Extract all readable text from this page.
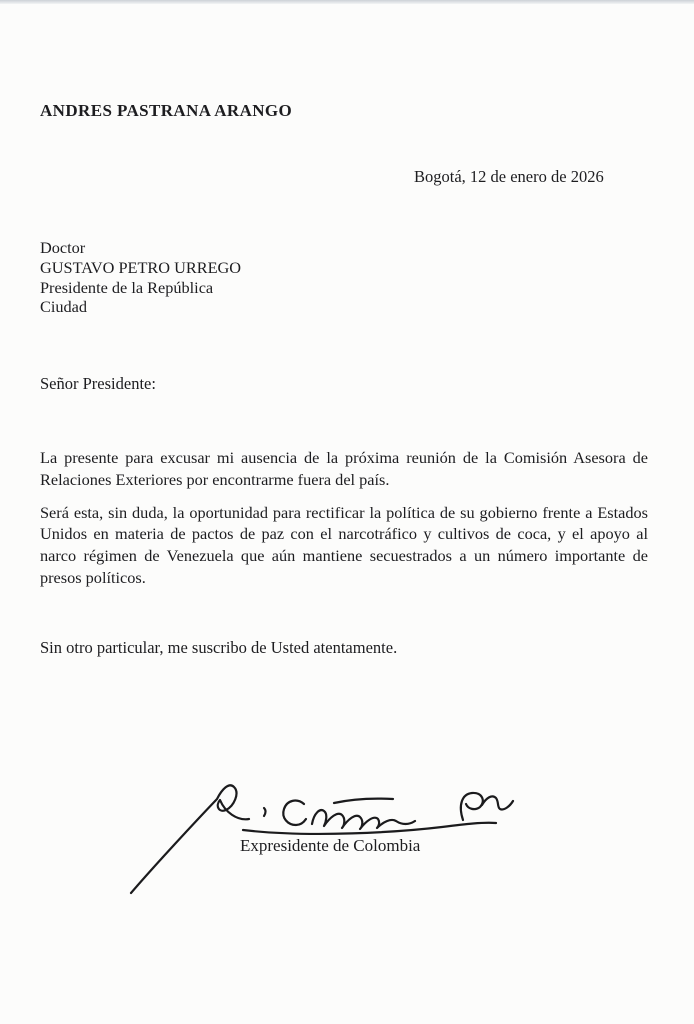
ANDRES PASTRANA ARANGO
Bogotá, 12 de enero de 2026
Doctor
GUSTAVO PETRO URREGO
Presidente de la República
Ciudad
Señor Presidente:

La presente para excusar mi ausencia de la próxima reunión de la Comisión Asesora de Relaciones Exteriores por encontrarme fuera del país.

Será esta, sin duda, la oportunidad para rectificar la política de su gobierno frente a Estados Unidos en materia de pactos de paz con el narcotráfico y cultivos de coca, y el apoyo al narco régimen de Venezuela que aún mantiene secuestrados a un número importante de presos políticos.

Sin otro particular, me suscribo de Usted atentamente.
Expresidente de Colombia
